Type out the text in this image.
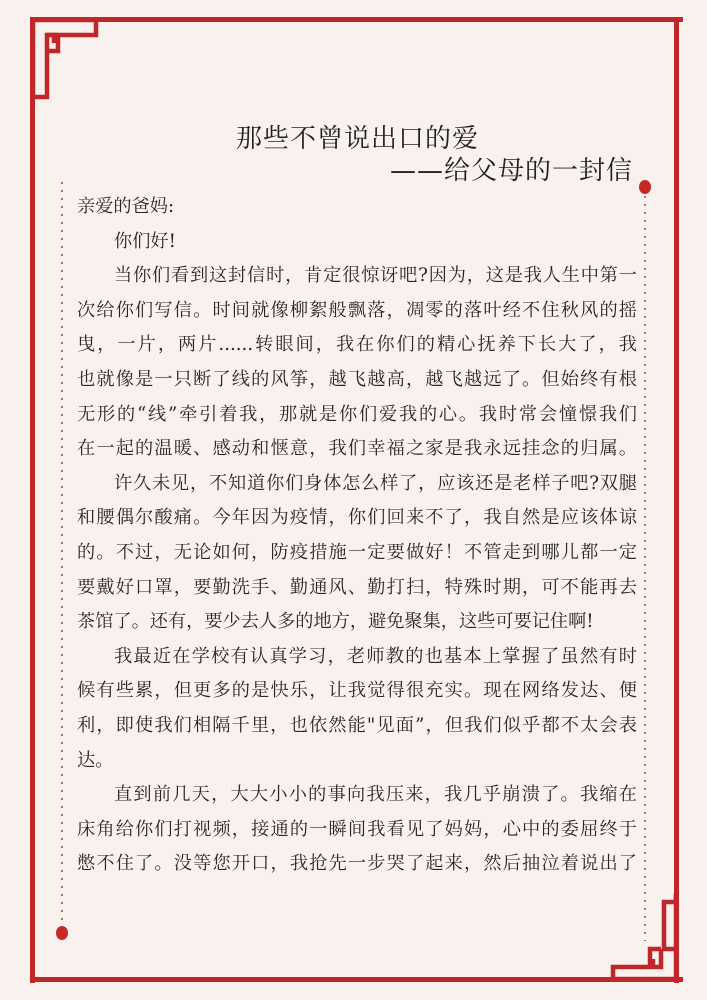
那些不曾说出口的爱
——给父母的一封信
亲爱的爸妈:
你们好!
当你们看到这封信时，肯定很惊讶吧?因为，这是我人生中第一
次给你们写信。时间就像柳絮般飘落，凋零的落叶经不住秋风的摇
曳，一片，两片......转眼间，我在你们的精心抚养下长大了，我
也就像是一只断了线的风筝，越飞越高，越飞越远了。但始终有根
无形的“线”牵引着我，那就是你们爱我的心。我时常会憧憬我们
在一起的温暖、感动和惬意，我们幸福之家是我永远挂念的归属。
许久未见，不知道你们身体怎么样了，应该还是老样子吧?双腿
和腰偶尔酸痛。今年因为疫情，你们回来不了，我自然是应该体谅
的。不过，无论如何，防疫措施一定要做好！不管走到哪儿都一定
要戴好口罩，要勤洗手、勤通风、勤打扫，特殊时期，可不能再去
茶馆了。还有，要少去人多的地方，避免聚集，这些可要记住啊!
我最近在学校有认真学习，老师教的也基本上掌握了虽然有时
候有些累，但更多的是快乐，让我觉得很充实。现在网络发达、便
利，即使我们相隔千里，也依然能"见面”，但我们似乎都不太会表
达。
直到前几天，大大小小的事向我压来，我几乎崩溃了。我缩在
床角给你们打视频，接通的一瞬间我看见了妈妈，心中的委屈终于
憋不住了。没等您开口，我抢先一步哭了起来，然后抽泣着说出了
